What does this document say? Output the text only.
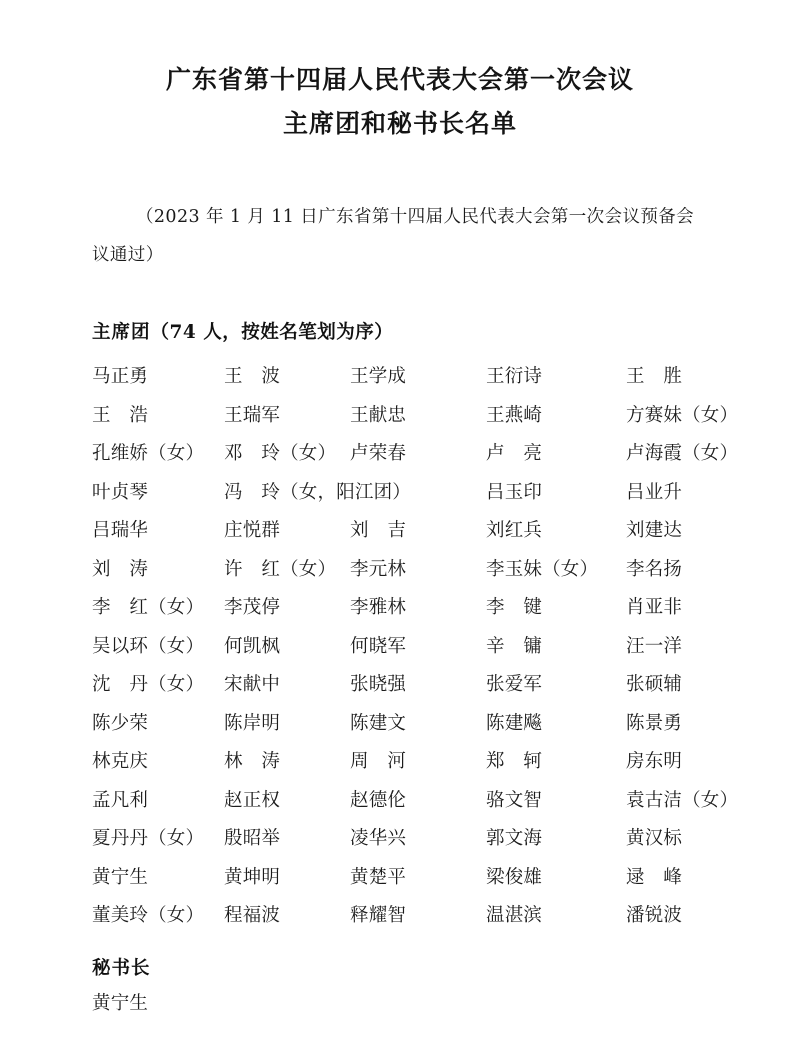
广东省第十四届人民代表大会第一次会议
主席团和秘书长名单
（2023 年 1 月 11 日广东省第十四届人民代表大会第一次会议预备会议通过）
主席团（74 人，按姓名笔划为序）
马正勇	王　波	王学成	王衍诗	王　胜
王　浩	王瑞军	王献忠	王燕崎	方赛妹（女）
孔维娇（女）	邓　玲（女）	卢荣春	卢　亮	卢海霞（女）
叶贞琴	冯　玲（女，阳江团）		吕玉印	吕业升
吕瑞华	庄悦群	刘　吉	刘红兵	刘建达
刘　涛	许　红（女）	李元林	李玉妹（女）	李名扬
李　红（女）	李茂停	李雅林	李　键	肖亚非
吴以环（女）	何凯枫	何晓军	辛　镛	汪一洋
沈　丹（女）	宋献中	张晓强	张爱军	张硕辅
陈少荣	陈岸明	陈建文	陈建飚	陈景勇
林克庆	林　涛	周　河	郑　轲	房东明
孟凡利	赵正权	赵德伦	骆文智	袁古洁（女）
夏丹丹（女）	殷昭举	凌华兴	郭文海	黄汉标
黄宁生	黄坤明	黄楚平	梁俊雄	逯　峰
董美玲（女）	程福波	释耀智	温湛滨	潘锐波
秘书长
黄宁生
